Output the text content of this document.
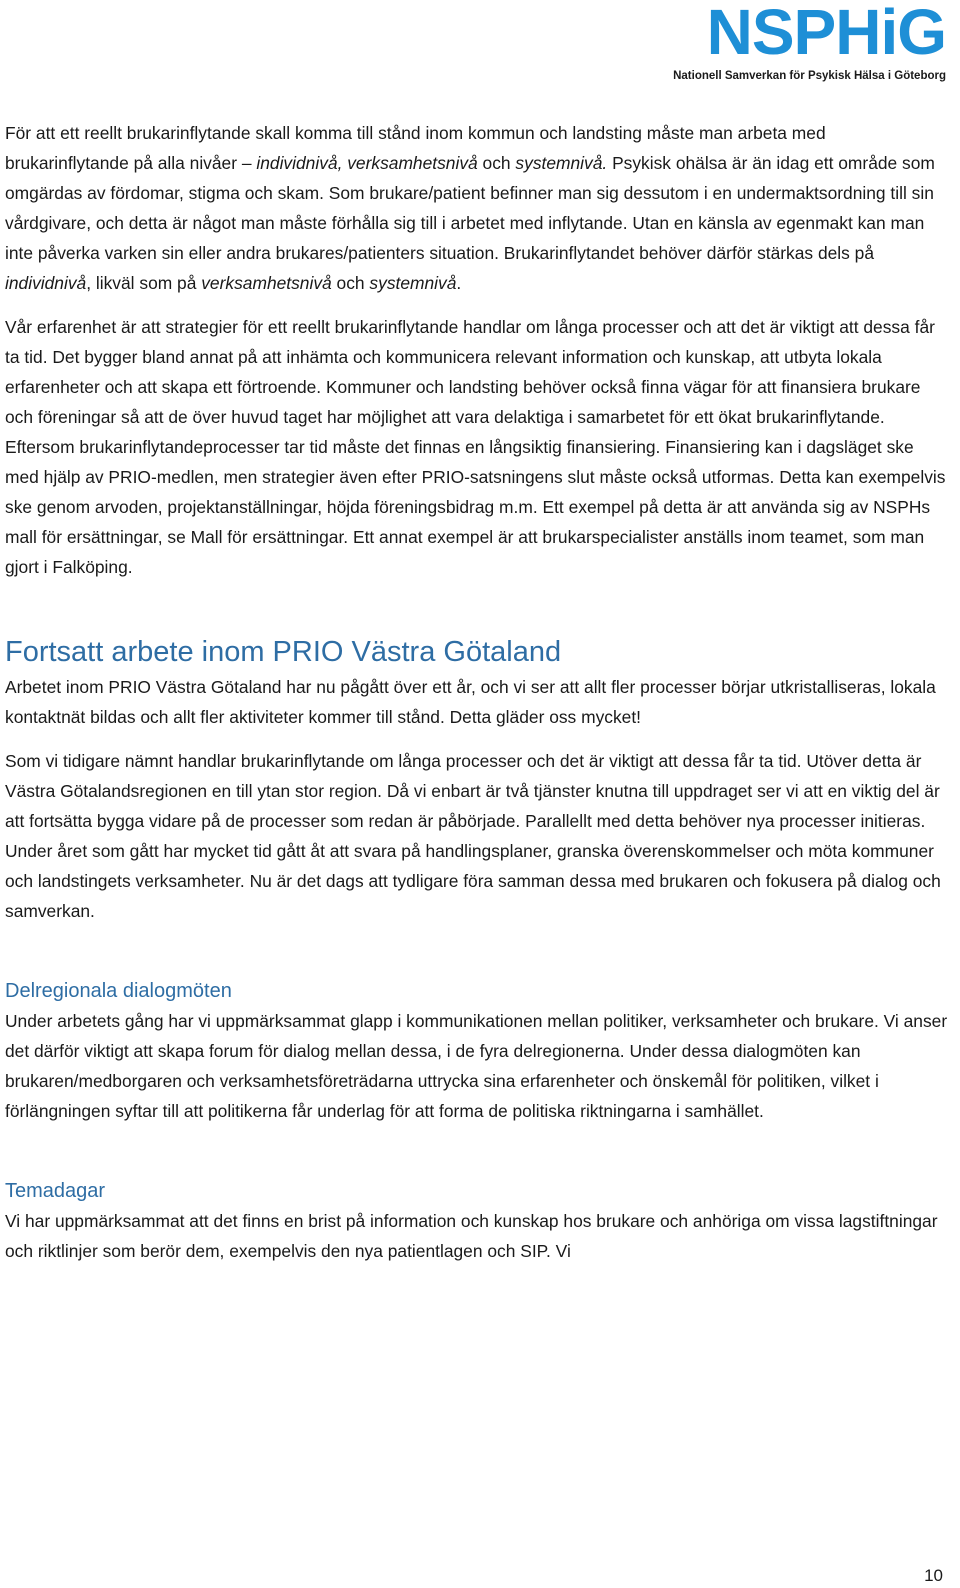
NSPHiG
Nationell Samverkan för Psykisk Hälsa i Göteborg

För att ett reellt brukarinflytande skall komma till stånd inom kommun och landsting måste man arbeta med brukarinflytande på alla nivåer – individnivå, verksamhetsnivå och systemnivå. Psykisk ohälsa är än idag ett område som omgärdas av fördomar, stigma och skam. Som brukare/patient befinner man sig dessutom i en undermaktsordning till sin vårdgivare, och detta är något man måste förhålla sig till i arbetet med inflytande. Utan en känsla av egenmakt kan man inte påverka varken sin eller andra brukares/patienters situation. Brukarinflytandet behöver därför stärkas dels på individnivå, likväl som på verksamhetsnivå och systemnivå.

Vår erfarenhet är att strategier för ett reellt brukarinflytande handlar om långa processer och att det är viktigt att dessa får ta tid. Det bygger bland annat på att inhämta och kommunicera relevant information och kunskap, att utbyta lokala erfarenheter och att skapa ett förtroende. Kommuner och landsting behöver också finna vägar för att finansiera brukare och föreningar så att de över huvud taget har möjlighet att vara delaktiga i samarbetet för ett ökat brukarinflytande. Eftersom brukarinflytandeprocesser tar tid måste det finnas en långsiktig finansiering. Finansiering kan i dagsläget ske med hjälp av PRIO-medlen, men strategier även efter PRIO-satsningens slut måste också utformas. Detta kan exempelvis ske genom arvoden, projektanställningar, höjda föreningsbidrag m.m. Ett exempel på detta är att använda sig av NSPHs mall för ersättningar, se Mall för ersättningar. Ett annat exempel är att brukarspecialister anställs inom teamet, som man gjort i Falköping.

Fortsatt arbete inom PRIO Västra Götaland

Arbetet inom PRIO Västra Götaland har nu pågått över ett år, och vi ser att allt fler processer börjar utkristalliseras, lokala kontaktnät bildas och allt fler aktiviteter kommer till stånd. Detta gläder oss mycket!

Som vi tidigare nämnt handlar brukarinflytande om långa processer och det är viktigt att dessa får ta tid. Utöver detta är Västra Götalandsregionen en till ytan stor region. Då vi enbart är två tjänster knutna till uppdraget ser vi att en viktig del är att fortsätta bygga vidare på de processer som redan är påbörjade. Parallellt med detta behöver nya processer initieras. Under året som gått har mycket tid gått åt att svara på handlingsplaner, granska överenskommelser och möta kommuner och landstingets verksamheter. Nu är det dags att tydligare föra samman dessa med brukaren och fokusera på dialog och samverkan.

Delregionala dialogmöten

Under arbetets gång har vi uppmärksammat glapp i kommunikationen mellan politiker, verksamheter och brukare. Vi anser det därför viktigt att skapa forum för dialog mellan dessa, i de fyra delregionerna. Under dessa dialogmöten kan brukaren/medborgaren och verksamhetsföreträdarna uttrycka sina erfarenheter och önskemål för politiken, vilket i förlängningen syftar till att politikerna får underlag för att forma de politiska riktningarna i samhället.

Temadagar

Vi har uppmärksammat att det finns en brist på information och kunskap hos brukare och anhöriga om vissa lagstiftningar och riktlinjer som berör dem, exempelvis den nya patientlagen och SIP. Vi

10
